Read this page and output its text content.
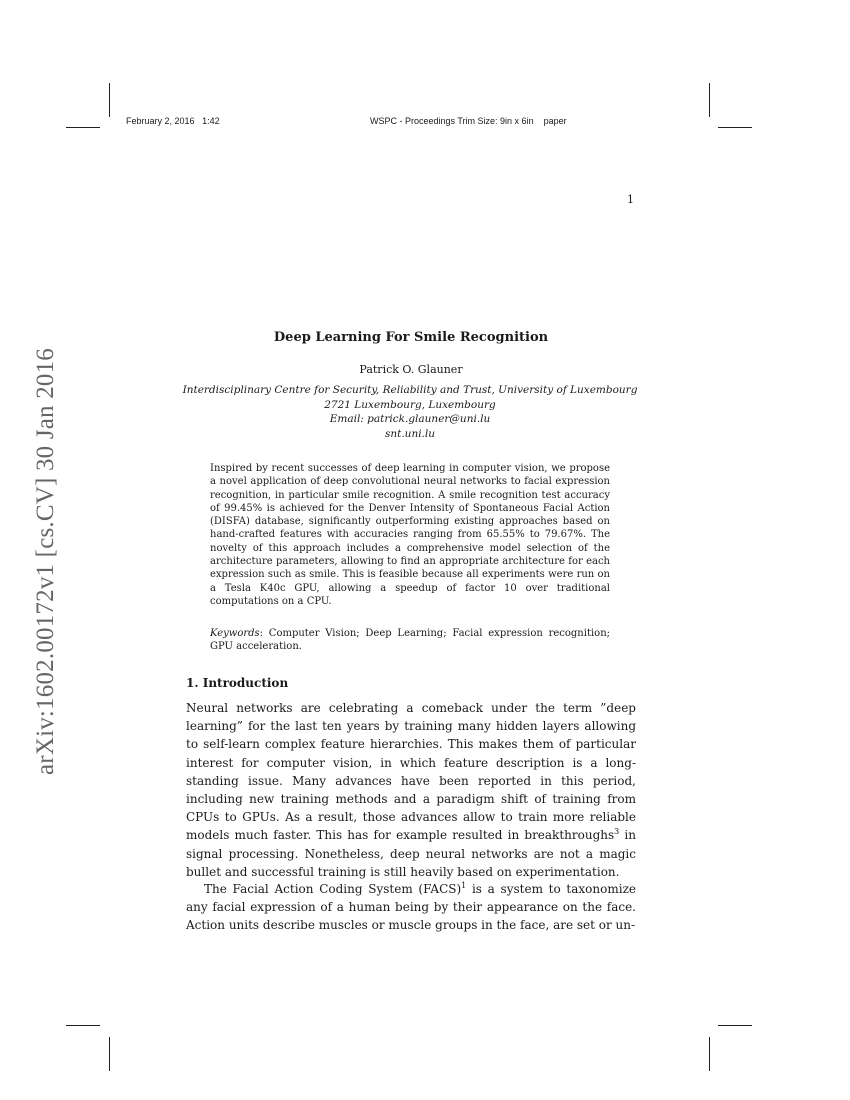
February 2, 2016 1:42	WSPC - Proceedings Trim Size: 9in x 6in paper

1
arXiv:1602.00172v1 [cs.CV] 30 Jan 2016
Deep Learning For Smile Recognition
Patrick O. Glauner
Interdisciplinary Centre for Security, Reliability and Trust, University of Luxembourg
2721 Luxembourg, Luxembourg
Email: patrick.glauner@uni.lu
snt.uni.lu

Inspired by recent successes of deep learning in computer vision, we propose a novel application of deep convolutional neural networks to facial expression recognition, in particular smile recognition. A smile recognition test accuracy of 99.45% is achieved for the Denver Intensity of Spontaneous Facial Action (DISFA) database, significantly outperforming existing approaches based on hand-crafted features with accuracies ranging from 65.55% to 79.67%. The novelty of this approach includes a comprehensive model selection of the architecture parameters, allowing to find an appropriate architecture for each expression such as smile. This is feasible because all experiments were run on a Tesla K40c GPU, allowing a speedup of factor 10 over traditional computations on a CPU.

Keywords: Computer Vision; Deep Learning; Facial expression recognition; GPU acceleration.

1. Introduction

Neural networks are celebrating a comeback under the term ”deep learning” for the last ten years by training many hidden layers allowing to self-learn complex feature hierarchies. This makes them of particular interest for computer vision, in which feature description is a long-standing issue. Many advances have been reported in this period, including new training methods and a paradigm shift of training from CPUs to GPUs. As a result, those advances allow to train more reliable models much faster. This has for example resulted in breakthroughs$^3$ in signal processing. Nonetheless, deep neural networks are not a magic bullet and successful training is still heavily based on experimentation.

The Facial Action Coding System (FACS)$^1$ is a system to taxonomize any facial expression of a human being by their appearance on the face. Action units describe muscles or muscle groups in the face, are set or un-
